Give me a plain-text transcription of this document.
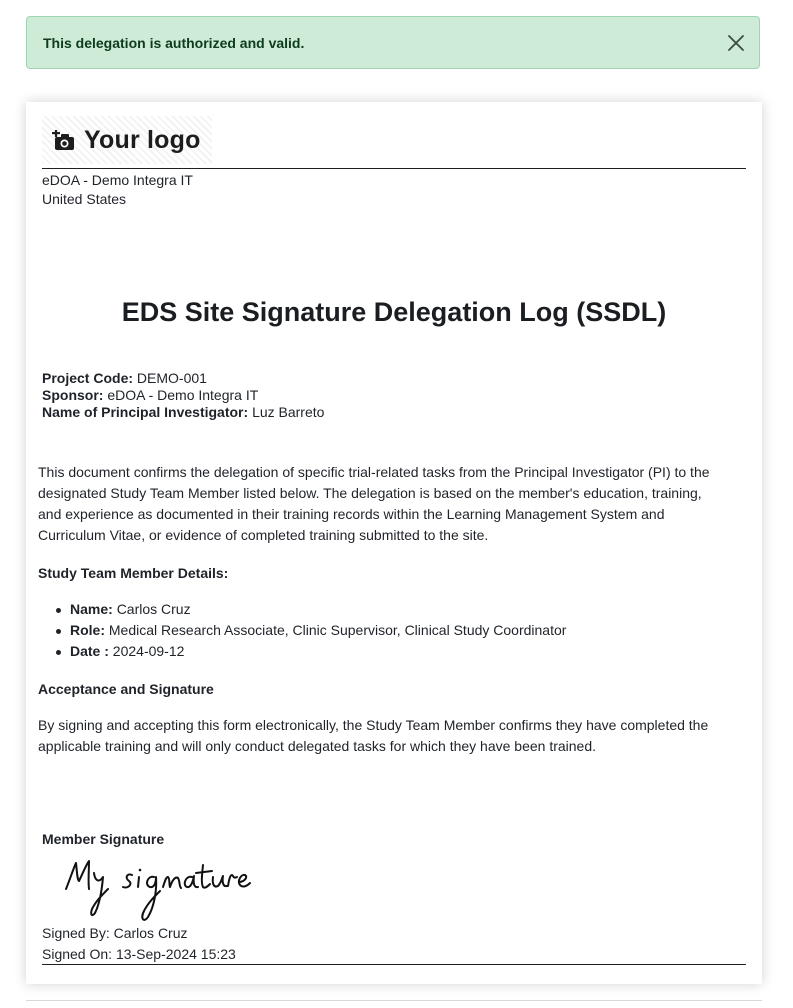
This delegation is authorized and valid.
Your logo
eDOA - Demo Integra IT
United States
EDS Site Signature Delegation Log (SSDL)
Project Code: DEMO-001
Sponsor: eDOA - Demo Integra IT
Name of Principal Investigator: Luz Barreto
This document confirms the delegation of specific trial-related tasks from the Principal Investigator (PI) to the
designated Study Team Member listed below. The delegation is based on the member's education, training,
and experience as documented in their training records within the Learning Management System and
Curriculum Vitae, or evidence of completed training submitted to the site.
Study Team Member Details:
Name: Carlos Cruz
Role: Medical Research Associate, Clinic Supervisor, Clinical Study Coordinator
Date : 2024-09-12
Acceptance and Signature
By signing and accepting this form electronically, the Study Team Member confirms they have completed the
applicable training and will only conduct delegated tasks for which they have been trained.
Member Signature
Signed By: Carlos Cruz
Signed On: 13-Sep-2024 15:23
